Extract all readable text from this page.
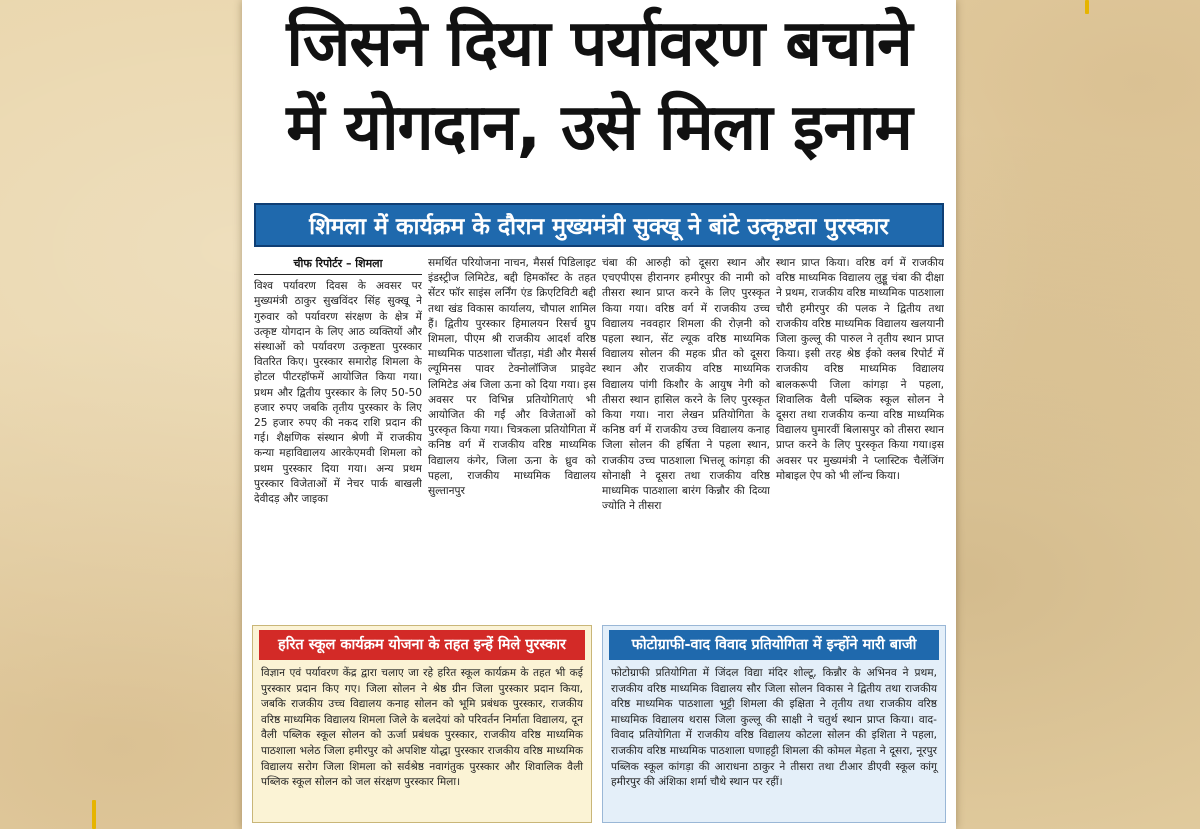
जिसने दिया पर्यावरण बचाने
में योगदान, उसे मिला इनाम
शिमला में कार्यक्रम के दौरान मुख्यमंत्री सुक्खू ने बांटे उत्कृष्टता पुरस्कार
चीफ रिपोर्टर – शिमला

विश्व पर्यावरण दिवस के अवसर पर मुख्यमंत्री ठाकुर सुखविंदर सिंह सुक्खू ने गुरुवार को पर्यावरण संरक्षण के क्षेत्र में उत्कृष्ट योगदान के लिए आठ व्यक्तियों और संस्थाओं को पर्यावरण उत्कृष्टता पुरस्कार वितरित किए। पुरस्कार समारोह शिमला के होटल पीटरहॉफमें आयोजित किया गया। प्रथम और द्वितीय पुरस्कार के लिए 50-50 हजार रुपए जबकि तृतीय पुरस्कार के लिए 25 हजार रुपए की नकद राशि प्रदान की गई। शैक्षणिक संस्थान श्रेणी में राजकीय कन्या महाविद्यालय आरकेएमवी शिमला को प्रथम पुरस्कार दिया गया। अन्य प्रथम पुरस्कार विजेताओं में नेचर पार्क बाखली देवीदड़ और जाइका

समर्थित परियोजना नाचन, मैसर्स पिडिलाइट इंडस्ट्रीज लिमिटेड, बद्दी हिमकॉस्ट के तहत सेंटर फॉर साइंस लर्निंग एंड क्रिएटिविटी बद्दी तथा खंड विकास कार्यालय, चौपाल शामिल हैं। द्वितीय पुरस्कार हिमालयन रिसर्च ग्रुप शिमला, पीएम श्री राजकीय आदर्श वरिष्ठ माध्यमिक पाठशाला चौंतड़ा, मंडी और मैसर्स ल्यूमिनस पावर टेक्नोलॉजिज प्राइवेट लिमिटेड अंब जिला ऊना को दिया गया। इस अवसर पर विभिन्न प्रतियोगिताएं भी आयोजित की गईं और विजेताओं को पुरस्कृत किया गया। चित्रकला प्रतियोगिता में कनिष्ठ वर्ग में राजकीय वरिष्ठ माध्यमिक विद्यालय कंगेर, जिला ऊना के ध्रुव को पहला, राजकीय माध्यमिक विद्यालय सुल्तानपुर

चंबा की आरुही को दूसरा स्थान और एचएपीएस हीरानगर हमीरपुर की नामी को तीसरा स्थान प्राप्त करने के लिए पुरस्कृत किया गया। वरिष्ठ वर्ग में राजकीय उच्च विद्यालय नववहार शिमला की रोज़नी को पहला स्थान, सेंट ल्यूक वरिष्ठ माध्यमिक विद्यालय सोलन की महक प्रीत को दूसरा स्थान और राजकीय वरिष्ठ माध्यमिक विद्यालय पांगी किशौर के आयुष नेगी को तीसरा स्थान हासिल करने के लिए पुरस्कृत किया गया। नारा लेखन प्रतियोगिता के कनिष्ठ वर्ग में राजकीय उच्च विद्यालय कनाह जिला सोलन की हर्षिता ने पहला स्थान, राजकीय उच्च पाठशाला भित्तलू कांगड़ा की सोनाक्षी ने दूसरा तथा राजकीय वरिष्ठ माध्यमिक पाठशाला बारंग किन्नौर की दिव्या ज्योति ने तीसरा

स्थान प्राप्त किया। वरिष्ठ वर्ग में राजकीय वरिष्ठ माध्यमिक विद्यालय लुड्डू चंबा की दीक्षा ने प्रथम, राजकीय वरिष्ठ माध्यमिक पाठशाला चौरी हमीरपुर की पलक ने द्वितीय तथा राजकीय वरिष्ठ माध्यमिक विद्यालय खलयानी जिला कुल्लू की पारुल ने तृतीय स्थान प्राप्त किया। इसी तरह श्रेष्ठ ईको क्लब रिपोर्ट में राजकीय वरिष्ठ माध्यमिक विद्यालय बालकरूपी जिला कांगड़ा ने पहला, शिवालिक वैली पब्लिक स्कूल सोलन ने दूसरा तथा राजकीय कन्या वरिष्ठ माध्यमिक विद्यालय घुमारवीं बिलासपुर को तीसरा स्थान प्राप्त करने के लिए पुरस्कृत किया गया।इस अवसर पर मुख्यमंत्री ने प्लास्टिक चैलेंजिंग मोबाइल ऐप को भी लॉन्च किया।

हरित स्कूल कार्यक्रम योजना के तहत इन्हें मिले पुरस्कार
विज्ञान एवं पर्यावरण केंद्र द्वारा चलाए जा रहे हरित स्कूल कार्यक्रम के तहत भी कई पुरस्कार प्रदान किए गए। जिला सोलन ने श्रेष्ठ ग्रीन जिला पुरस्कार प्रदान किया, जबकि राजकीय उच्च विद्यालय कनाह सोलन को भूमि प्रबंधक पुरस्कार, राजकीय वरिष्ठ माध्यमिक विद्यालय शिमला जिले के बलदेयां को परिवर्तन निर्माता विद्यालय, दून वैली पब्लिक स्कूल सोलन को ऊर्जा प्रबंधक पुरस्कार, राजकीय वरिष्ठ माध्यमिक पाठशाला भलेठ जिला हमीरपुर को अपशिष्ट योद्धा पुरस्कार राजकीय वरिष्ठ माध्यमिक विद्यालय सरोग जिला शिमला को सर्वश्रेष्ठ नवागंतुक पुरस्कार और शिवालिक वैली पब्लिक स्कूल सोलन को जल संरक्षण पुरस्कार मिला।
फोटोग्राफी-वाद विवाद प्रतियोगिता में इन्होंने मारी बाजी
फोटोग्राफी प्रतियोगिता में जिंदल विद्या मंदिर शोल्टू, किन्नौर के अभिनव ने प्रथम, राजकीय वरिष्ठ माध्यमिक विद्यालय सौर जिला सोलन विकास ने द्वितीय तथा राजकीय वरिष्ठ माध्यमिक पाठशाला भुट्टी शिमला की इक्षिता ने तृतीय तथा राजकीय वरिष्ठ माध्यमिक विद्यालय थरास जिला कुल्लू की साक्षी ने चतुर्थ स्थान प्राप्त किया। वाद-विवाद प्रतियोगिता में राजकीय वरिष्ठ विद्यालय कोटला सोलन की इशिता ने पहला, राजकीय वरिष्ठ माध्यमिक पाठशाला घणाहट्टी शिमला की कोमल मेहता ने दूसरा, नूरपुर पब्लिक स्कूल कांगड़ा की आराधना ठाकुर ने तीसरा तथा टीआर डीएवी स्कूल कांगू हमीरपुर की अंशिका शर्मा चौथे स्थान पर रहीं।
